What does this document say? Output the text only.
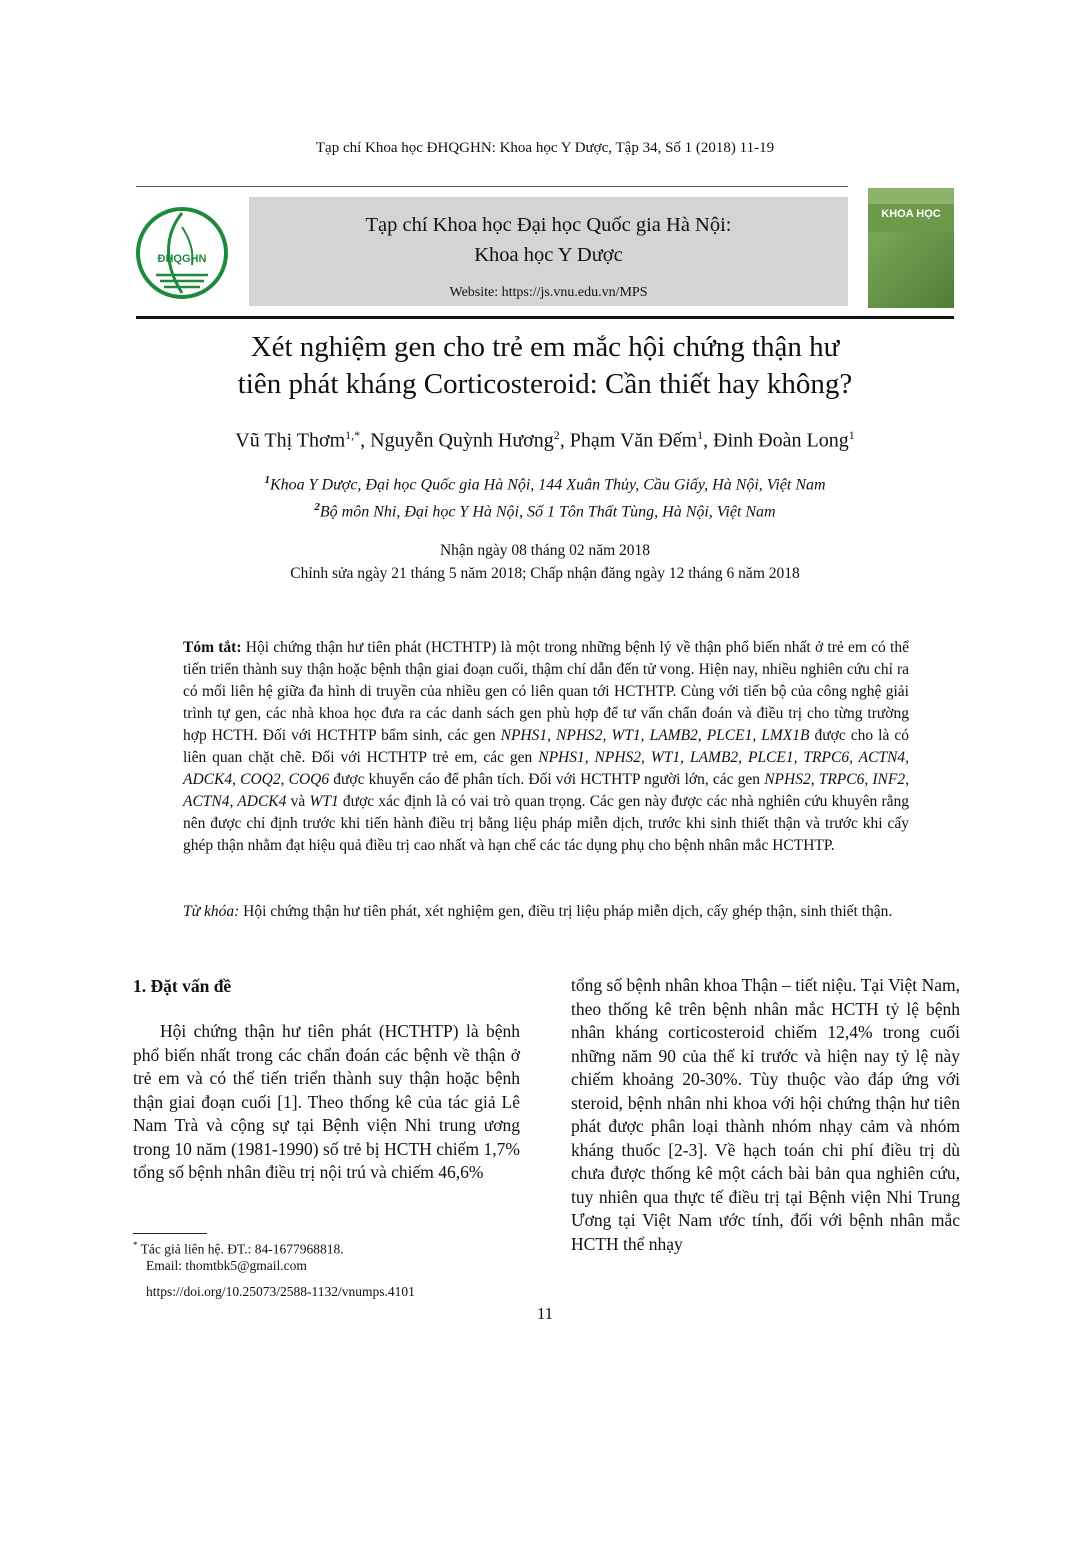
Tạp chí Khoa học ĐHQGHN: Khoa học Y Dược, Tập 34, Số 1 (2018) 11-19
ĐHQGHN
Tạp chí Khoa học Đại học Quốc gia Hà Nội:
Khoa học Y Dược
Website: https://js.vnu.edu.vn/MPS
KHOA HỌC
Xét nghiệm gen cho trẻ em mắc hội chứng thận hư
tiên phát kháng Corticosteroid: Cần thiết hay không?
Vũ Thị Thơm$^{1,*}$, Nguyễn Quỳnh Hương$^2$, Phạm Văn Đếm$^1$, Đinh Đoàn Long$^1$
$^1$Khoa Y Dược, Đại học Quốc gia Hà Nội, 144 Xuân Thủy, Cầu Giấy, Hà Nội, Việt Nam
$^2$Bộ môn Nhi, Đại học Y Hà Nội, Số 1 Tôn Thất Tùng, Hà Nội, Việt Nam
Nhận ngày 08 tháng 02 năm 2018
Chỉnh sửa ngày 21 tháng 5 năm 2018; Chấp nhận đăng ngày 12 tháng 6 năm 2018
Tóm tắt: Hội chứng thận hư tiên phát (HCTHTP) là một trong những bệnh lý về thận phổ biến nhất ở trẻ em có thể tiến triển thành suy thận hoặc bệnh thận giai đoạn cuối, thậm chí dẫn đến tử vong. Hiện nay, nhiều nghiên cứu chỉ ra có mối liên hệ giữa đa hình di truyền của nhiều gen có liên quan tới HCTHTP. Cùng với tiến bộ của công nghệ giải trình tự gen, các nhà khoa học đưa ra các danh sách gen phù hợp để tư vấn chẩn đoán và điều trị cho từng trường hợp HCTH. Đối với HCTHTP bẩm sinh, các gen NPHS1, NPHS2, WT1, LAMB2, PLCE1, LMX1B được cho là có liên quan chặt chẽ. Đối với HCTHTP trẻ em, các gen NPHS1, NPHS2, WT1, LAMB2, PLCE1, TRPC6, ACTN4, ADCK4, COQ2, COQ6 được khuyến cáo để phân tích. Đối với HCTHTP người lớn, các gen NPHS2, TRPC6, INF2, ACTN4, ADCK4 và WT1 được xác định là có vai trò quan trọng. Các gen này được các nhà nghiên cứu khuyên rằng nên được chỉ định trước khi tiến hành điều trị bằng liệu pháp miễn dịch, trước khi sinh thiết thận và trước khi cấy ghép thận nhằm đạt hiệu quả điều trị cao nhất và hạn chế các tác dụng phụ cho bệnh nhân mắc HCTHTP.
Từ khóa: Hội chứng thận hư tiên phát, xét nghiệm gen, điều trị liệu pháp miễn dịch, cấy ghép thận, sinh thiết thận.
1. Đặt vấn đề
Hội chứng thận hư tiên phát (HCTHTP) là bệnh phổ biến nhất trong các chẩn đoán các bệnh về thận ở trẻ em và có thể tiến triển thành suy thận hoặc bệnh thận giai đoạn cuối [1]. Theo thống kê của tác giả Lê Nam Trà và cộng sự tại Bệnh viện Nhi trung ương trong 10 năm (1981-1990) số trẻ bị HCTH chiếm 1,7% tổng số bệnh nhân điều trị nội trú và chiếm 46,6%
tổng số bệnh nhân khoa Thận – tiết niệu. Tại Việt Nam, theo thống kê trên bệnh nhân mắc HCTH tỷ lệ bệnh nhân kháng corticosteroid chiếm 12,4% trong cuối những năm 90 của thế kỉ trước và hiện nay tỷ lệ này chiếm khoảng 20-30%. Tùy thuộc vào đáp ứng với steroid, bệnh nhân nhi khoa với hội chứng thận hư tiên phát được phân loại thành nhóm nhạy cảm và nhóm kháng thuốc [2-3]. Về hạch toán chi phí điều trị dù chưa được thống kê một cách bài bản qua nghiên cứu, tuy nhiên qua thực tế điều trị tại Bệnh viện Nhi Trung Ương tại Việt Nam ước tính, đối với bệnh nhân mắc HCTH thể nhạy
* Tác giả liên hệ. ĐT.: 84-1677968818.
Email: thomtbk5@gmail.com
https://doi.org/10.25073/2588-1132/vnumps.4101
11
